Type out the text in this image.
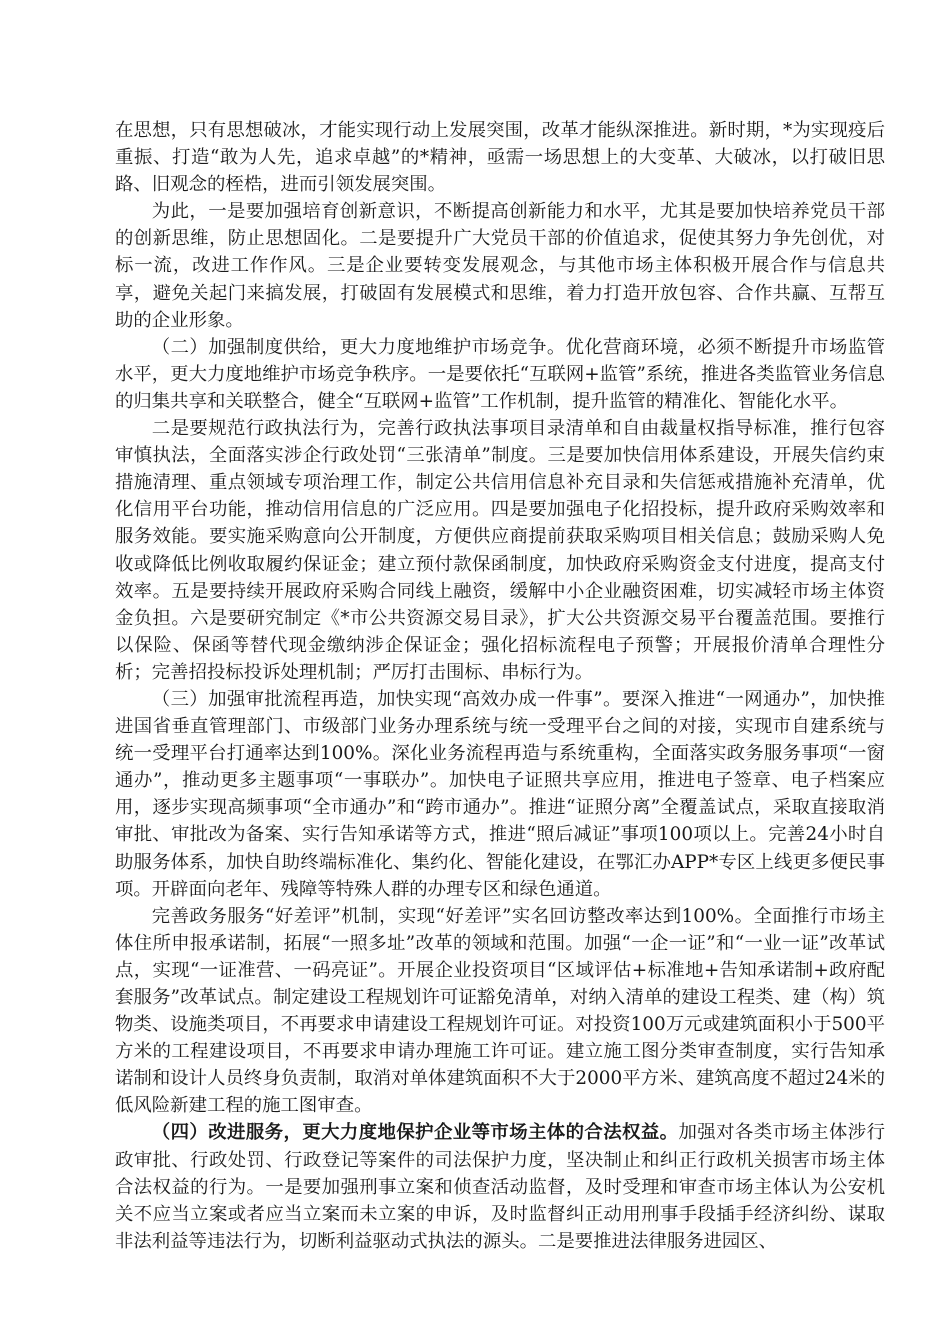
在思想，只有思想破冰，才能实现行动上发展突围，改革才能纵深推进。新时期，*为实现疫后重振、打造“敢为人先，追求卓越”的*精神，亟需一场思想上的大变革、大破冰，以打破旧思路、旧观念的桎梏，进而引领发展突围。

为此，一是要加强培育创新意识，不断提高创新能力和水平，尤其是要加快培养党员干部的创新思维，防止思想固化。二是要提升广大党员干部的价值追求，促使其努力争先创优，对标一流，改进工作作风。三是企业要转变发展观念，与其他市场主体积极开展合作与信息共享，避免关起门来搞发展，打破固有发展模式和思维，着力打造开放包容、合作共赢、互帮互助的企业形象。

（二）加强制度供给，更大力度地维护市场竞争。优化营商环境，必须不断提升市场监管水平，更大力度地维护市场竞争秩序。一是要依托“互联网+监管”系统，推进各类监管业务信息的归集共享和关联整合，健全“互联网+监管”工作机制，提升监管的精准化、智能化水平。

二是要规范行政执法行为，完善行政执法事项目录清单和自由裁量权指导标准，推行包容审慎执法，全面落实涉企行政处罚“三张清单”制度。三是要加快信用体系建设，开展失信约束措施清理、重点领域专项治理工作，制定公共信用信息补充目录和失信惩戒措施补充清单，优化信用平台功能，推动信用信息的广泛应用。四是要加强电子化招投标，提升政府采购效率和服务效能。要实施采购意向公开制度，方便供应商提前获取采购项目相关信息；鼓励采购人免收或降低比例收取履约保证金；建立预付款保函制度，加快政府采购资金支付进度，提高支付效率。五是要持续开展政府采购合同线上融资，缓解中小企业融资困难，切实减轻市场主体资金负担。六是要研究制定《*市公共资源交易目录》，扩大公共资源交易平台覆盖范围。要推行以保险、保函等替代现金缴纳涉企保证金；强化招标流程电子预警；开展报价清单合理性分析；完善招投标投诉处理机制；严厉打击围标、串标行为。

（三）加强审批流程再造，加快实现“高效办成一件事”。要深入推进“一网通办”，加快推进国省垂直管理部门、市级部门业务办理系统与统一受理平台之间的对接，实现市自建系统与统一受理平台打通率达到100%。深化业务流程再造与系统重构，全面落实政务服务事项“一窗通办”，推动更多主题事项“一事联办”。加快电子证照共享应用，推进电子签章、电子档案应用，逐步实现高频事项“全市通办”和“跨市通办”。推进“证照分离”全覆盖试点，采取直接取消审批、审批改为备案、实行告知承诺等方式，推进“照后减证”事项100项以上。完善24小时自助服务体系，加快自助终端标准化、集约化、智能化建设，在鄂汇办APP*专区上线更多便民事项。开辟面向老年、残障等特殊人群的办理专区和绿色通道。

完善政务服务“好差评”机制，实现“好差评”实名回访整改率达到100%。全面推行市场主体住所申报承诺制，拓展“一照多址”改革的领域和范围。加强“一企一证”和“一业一证”改革试点，实现“一证准营、一码亮证”。开展企业投资项目“区域评估+标准地+告知承诺制+政府配套服务”改革试点。制定建设工程规划许可证豁免清单，对纳入清单的建设工程类、建（构）筑物类、设施类项目，不再要求申请建设工程规划许可证。对投资100万元或建筑面积小于500平方米的工程建设项目，不再要求申请办理施工许可证。建立施工图分类审查制度，实行告知承诺制和设计人员终身负责制，取消对单体建筑面积不大于2000平方米、建筑高度不超过24米的低风险新建工程的施工图审查。

（四）改进服务，更大力度地保护企业等市场主体的合法权益。加强对各类市场主体涉行政审批、行政处罚、行政登记等案件的司法保护力度，坚决制止和纠正行政机关损害市场主体合法权益的行为。一是要加强刑事立案和侦查活动监督，及时受理和审查市场主体认为公安机关不应当立案或者应当立案而未立案的申诉，及时监督纠正动用刑事手段插手经济纠纷、谋取非法利益等违法行为，切断利益驱动式执法的源头。二是要推进法律服务进园区、
